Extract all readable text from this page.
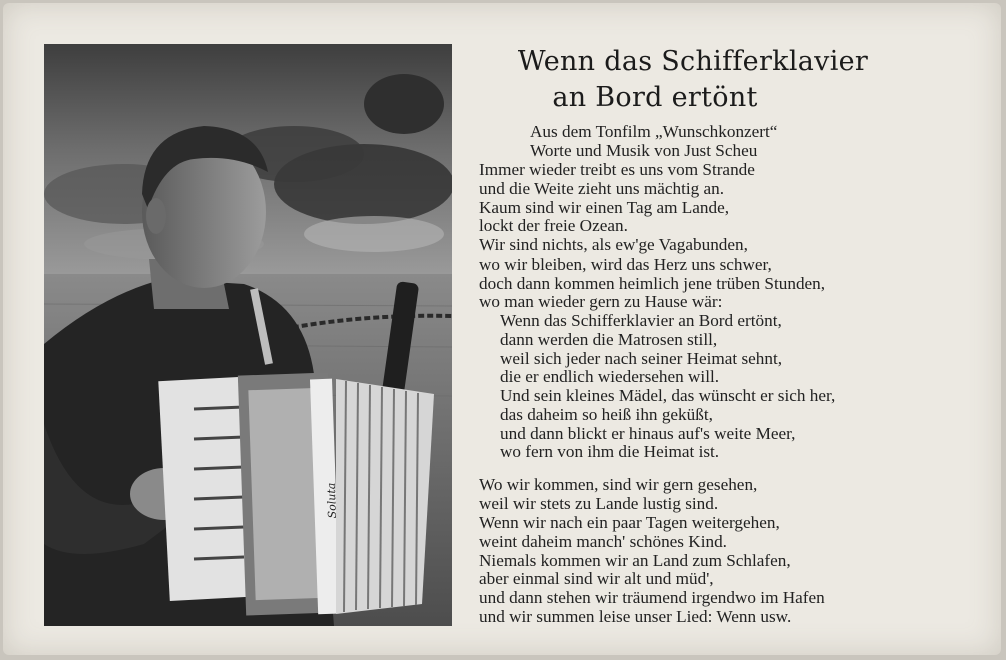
Soluta
Wenn das Schifferklavier
an Bord ertönt
Aus dem Tonfilm „Wunschkonzert“
Worte und Musik von Just Scheu
Immer wieder treibt es uns vom Strande
und die Weite zieht uns mächtig an.
Kaum sind wir einen Tag am Lande,
lockt der freie Ozean.
Wir sind nichts, als ew'ge Vagabunden,
wo wir bleiben, wird das Herz uns schwer,
doch dann kommen heimlich jene trüben Stunden,
wo man wieder gern zu Hause wär:
Wenn das Schifferklavier an Bord ertönt,
dann werden die Matrosen still,
weil sich jeder nach seiner Heimat sehnt,
die er endlich wiedersehen will.
Und sein kleines Mädel, das wünscht er sich her,
das daheim so heiß ihn geküßt,
und dann blickt er hinaus auf's weite Meer,
wo fern von ihm die Heimat ist.
Wo wir kommen, sind wir gern gesehen,
weil wir stets zu Lande lustig sind.
Wenn wir nach ein paar Tagen weitergehen,
weint daheim manch' schönes Kind.
Niemals kommen wir an Land zum Schlafen,
aber einmal sind wir alt und müd',
und dann stehen wir träumend irgendwo im Hafen
und wir summen leise unser Lied: Wenn usw.
